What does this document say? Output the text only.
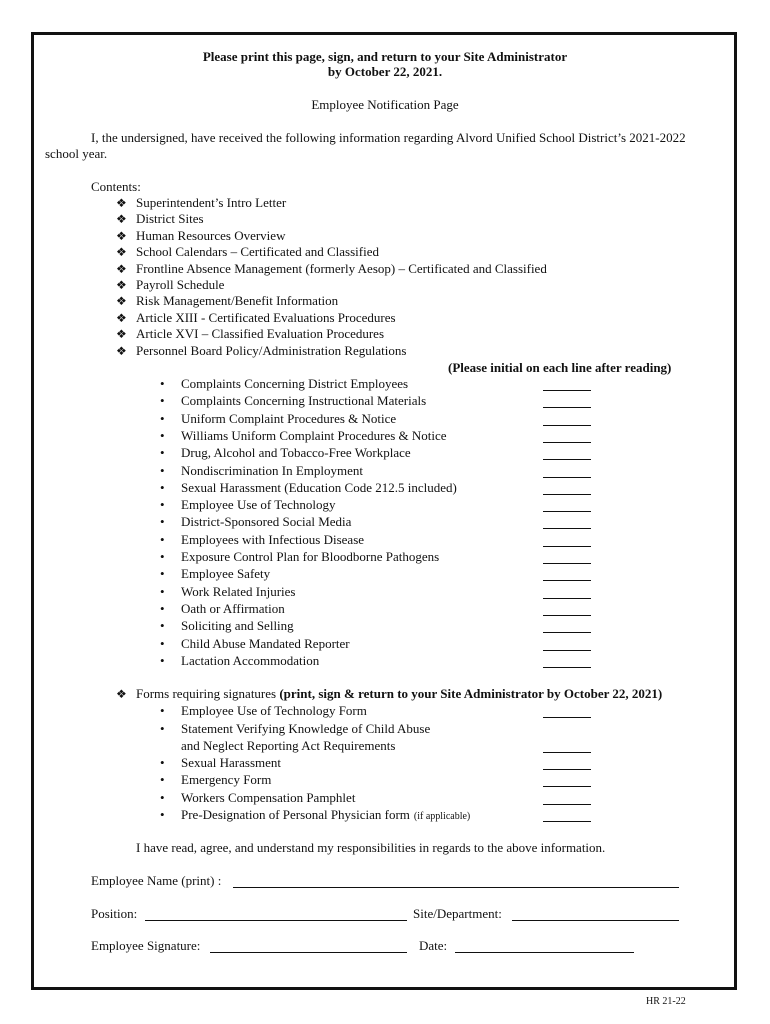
Please print this page, sign, and return to your Site Administrator
by October 22, 2021.
Employee Notification Page
I, the undersigned, have received the following information regarding Alvord Unified School District’s 2021-2022
school year.
Contents:
❖ Superintendent’s Intro Letter
❖ District Sites
❖ Human Resources Overview
❖ School Calendars – Certificated and Classified
❖ Frontline Absence Management (formerly Aesop) – Certificated and Classified
❖ Payroll Schedule
❖ Risk Management/Benefit Information
❖ Article XIII - Certificated Evaluations Procedures
❖ Article XVI – Classified Evaluation Procedures
❖ Personnel Board Policy/Administration Regulations
(Please initial on each line after reading)
• Complaints Concerning District Employees
• Complaints Concerning Instructional Materials
• Uniform Complaint Procedures & Notice
• Williams Uniform Complaint Procedures & Notice
• Drug, Alcohol and Tobacco-Free Workplace
• Nondiscrimination In Employment
• Sexual Harassment (Education Code 212.5 included)
• Employee Use of Technology
• District-Sponsored Social Media
• Employees with Infectious Disease
• Exposure Control Plan for Bloodborne Pathogens
• Employee Safety
• Work Related Injuries
• Oath or Affirmation
• Soliciting and Selling
• Child Abuse Mandated Reporter
• Lactation Accommodation
❖ Forms requiring signatures (print, sign & return to your Site Administrator by October 22, 2021)
• Employee Use of Technology Form
• Statement Verifying Knowledge of Child Abuse
and Neglect Reporting Act Requirements
• Sexual Harassment
• Emergency Form
• Workers Compensation Pamphlet
• Pre-Designation of Personal Physician form (if applicable)
I have read, agree, and understand my responsibilities in regards to the above information.
Employee Name (print) :
Position:	Site/Department:
Employee Signature:	Date:
HR 21-22
